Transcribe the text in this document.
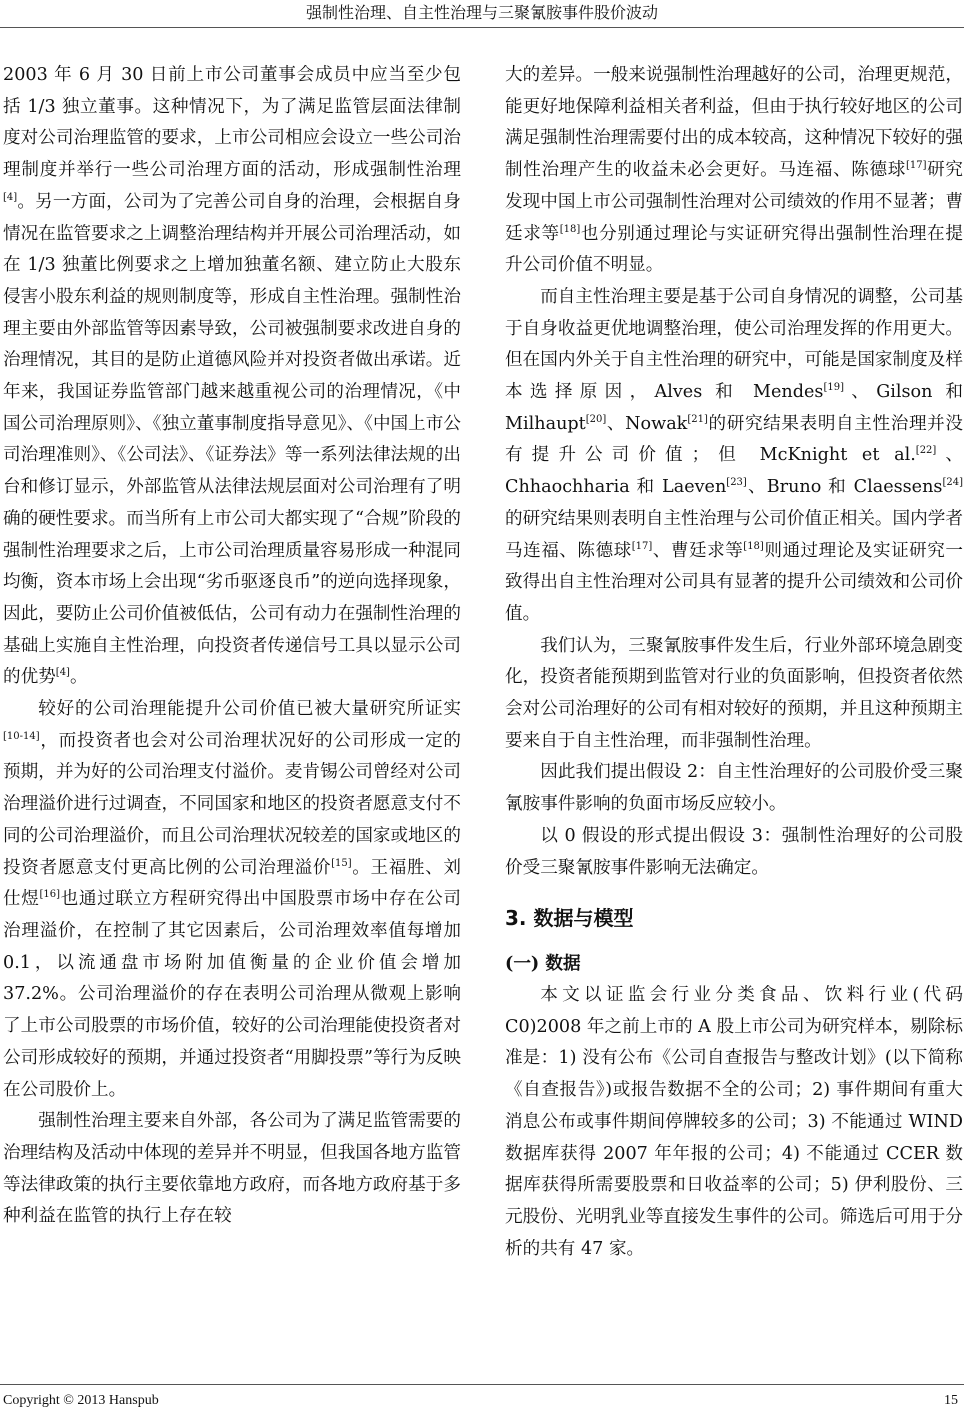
强制性治理、自主性治理与三聚氰胺事件股价波动

2003 年 6 月 30 日前上市公司董事会成员中应当至少包括 1/3 独立董事。这种情况下，为了满足监管层面法律制度对公司治理监管的要求，上市公司相应会设立一些公司治理制度并举行一些公司治理方面的活动，形成强制性治理[4]。另一方面，公司为了完善公司自身的治理，会根据自身情况在监管要求之上调整治理结构并开展公司治理活动，如在 1/3 独董比例要求之上增加独董名额、建立防止大股东侵害小股东利益的规则制度等，形成自主性治理。强制性治理主要由外部监管等因素导致，公司被强制要求改进自身的治理情况，其目的是防止道德风险并对投资者做出承诺。近年来，我国证券监管部门越来越重视公司的治理情况，《中国公司治理原则》、《独立董事制度指导意见》、《中国上市公司治理准则》、《公司法》、《证券法》等一系列法律法规的出台和修订显示，外部监管从法律法规层面对公司治理有了明确的硬性要求。而当所有上市公司大都实现了“合规”阶段的强制性治理要求之后，上市公司治理质量容易形成一种混同均衡，资本市场上会出现“劣币驱逐良币”的逆向选择现象，因此，要防止公司价值被低估，公司有动力在强制性治理的基础上实施自主性治理，向投资者传递信号工具以显示公司的优势[4]。

较好的公司治理能提升公司价值已被大量研究所证实[10-14]，而投资者也会对公司治理状况好的公司形成一定的预期，并为好的公司治理支付溢价。麦肯锡公司曾经对公司治理溢价进行过调查，不同国家和地区的投资者愿意支付不同的公司治理溢价，而且公司治理状况较差的国家或地区的投资者愿意支付更高比例的公司治理溢价[15]。王福胜、刘仕煜[16]也通过联立方程研究得出中国股票市场中存在公司治理溢价，在控制了其它因素后，公司治理效率值每增加 0.1，以流通盘市场附加值衡量的企业价值会增加 37.2%。公司治理溢价的存在表明公司治理从微观上影响了上市公司股票的市场价值，较好的公司治理能使投资者对公司形成较好的预期，并通过投资者“用脚投票”等行为反映在公司股价上。

强制性治理主要来自外部，各公司为了满足监管需要的治理结构及活动中体现的差异并不明显，但我国各地方监管等法律政策的执行主要依靠地方政府，而各地方政府基于多种利益在监管的执行上存在较

大的差异。一般来说强制性治理越好的公司，治理更规范，能更好地保障利益相关者利益，但由于执行较好地区的公司满足强制性治理需要付出的成本较高，这种情况下较好的强制性治理产生的收益未必会更好。马连福、陈德球[17]研究发现中国上市公司强制性治理对公司绩效的作用不显著；曹廷求等[18]也分别通过理论与实证研究得出强制性治理在提升公司价值不明显。

而自主性治理主要是基于公司自身情况的调整，公司基于自身收益更优地调整治理，使公司治理发挥的作用更大。但在国内外关于自主性治理的研究中，可能是国家制度及样本选择原因，Alves 和 Mendes[19]、Gilson 和 Milhaupt[20]、Nowak[21]的研究结果表明自主性治理并没有提升公司价值；但 McKnight et al.[22]、Chhaochharia 和 Laeven[23]、Bruno 和 Claessens[24]的研究结果则表明自主性治理与公司价值正相关。国内学者马连福、陈德球[17]、曹廷求等[18]则通过理论及实证研究一致得出自主性治理对公司具有显著的提升公司绩效和公司价值。

我们认为，三聚氰胺事件发生后，行业外部环境急剧变化，投资者能预期到监管对行业的负面影响，但投资者依然会对公司治理好的公司有相对较好的预期，并且这种预期主要来自于自主性治理，而非强制性治理。

因此我们提出假设 2：自主性治理好的公司股价受三聚氰胺事件影响的负面市场反应较小。

以 0 假设的形式提出假设 3：强制性治理好的公司股价受三聚氰胺事件影响无法确定。

3. 数据与模型

(一) 数据

本文以证监会行业分类食品、饮料行业(代码 C0)2008 年之前上市的 A 股上市公司为研究样本，剔除标准是：1) 没有公布《公司自查报告与整改计划》(以下简称《自查报告》)或报告数据不全的公司；2) 事件期间有重大消息公布或事件期间停牌较多的公司；3) 不能通过 WIND 数据库获得 2007 年年报的公司；4) 不能通过 CCER 数据库获得所需要股票和日收益率的公司；5) 伊利股份、三元股份、光明乳业等直接发生事件的公司。筛选后可用于分析的共有 47 家。

Copyright © 2013 Hanspub	15
